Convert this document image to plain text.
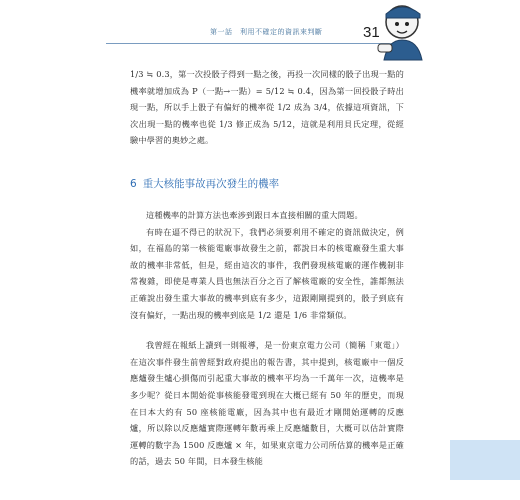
第一話　利用不確定的資訊來判斷	31

1/3 ≒ 0.3，第一次投骰子得到一點之後，再投一次同樣的骰子出現一點的機率就增加成為 P（一點→一點）= 5/12 ≒ 0.4，因為第一回投骰子時出現一點，所以手上骰子有偏好的機率從 1/2 成為 3/4，依據這項資訊，下次出現一點的機率也從 1/3 修正成為 5/12，這就是利用貝氏定理，從經驗中學習的奧妙之處。

6 重大核能事故再次發生的機率

這種機率的計算方法也牽涉到跟日本直接相關的重大問題。

有時在逼不得已的狀況下，我們必須要利用不確定的資訊做決定，例如，在福島的第一核能電廠事故發生之前，都說日本的核電廠發生重大事故的機率非常低，但是，經由這次的事件，我們發現核電廠的運作機制非常複雜，即使是專業人員也無法百分之百了解核電廠的安全性，誰都無法正確說出發生重大事故的機率到底有多少，這跟剛剛提到的，骰子到底有沒有偏好，一點出現的機率到底是 1/2 還是 1/6 非常類似。

我曾經在報紙上讀到一則報導，是一份東京電力公司（簡稱「東電」）在這次事件發生前曾經對政府提出的報告書，其中提到，核電廠中一個反應爐發生爐心損傷而引起重大事故的機率平均為一千萬年一次，這機率是多少呢？從日本開始從事核能發電到現在大概已經有 50 年的歷史，而現在日本大約有 50 座核能電廠，因為其中也有最近才剛開始運轉的反應爐，所以除以反應爐實際運轉年數再乘上反應爐數目，大概可以估計實際運轉的數字為 1500 反應爐 × 年，如果東京電力公司所估算的機率是正確的話，過去 50 年間，日本發生核能
